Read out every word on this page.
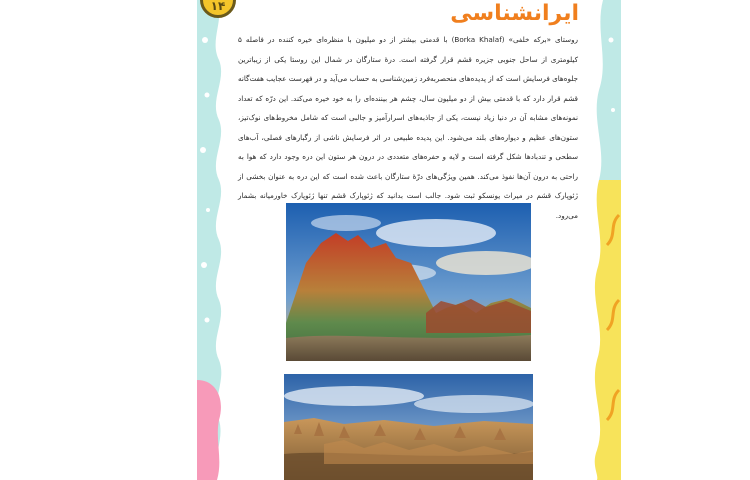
۱۴	ایرانشناسی

روستای «برکه خلفی» (Borka Khalaf) با قدمتی بیشتر از دو میلیون با منظره‌ای خیره کننده در فاصله ۵ کیلومتری از ساحل جنوبی جزیره قشم قرار گرفته است. درهٔ ستارگان در شمال این روستا یکی از زیباترین جلوه‌های فرسایش است که از پدیده‌های منحصربه‌فرد زمین‌شناسی به حساب می‌آید و در فهرست عجایب هفت‌گانه قشم قرار دارد که با قدمتی بیش از دو میلیون سال، چشم هر بیننده‌ای را به خود خیره می‌کند. این درّه که تعداد نمونه‌های مشابه آن در دنیا زیاد نیست، یکی از جاذبه‌های اسرارآمیز و جالبی است که شامل مخروط‌های نوک‌تیز، ستون‌های عظیم و دیواره‌های بلند می‌شود. این پدیده طبیعی در اثر فرسایش ناشی از رگبارهای فصلی، آب‌های سطحی و تندبادها شکل گرفته است و لایه و حفره‌های متعددی در درون هر ستون این دره وجود دارد که هوا به راحتی به درون آن‌ها نفوذ می‌کند. همین ویژگی‌های درّهٔ ستارگان باعث شده است که این دره به عنوان بخشی از ژئوپارک قشم در میراث یونسکو ثبت شود. جالب است بدانید که ژئوپارک قشم تنها ژئوپارک خاورمیانه بشمار می‌رود.
